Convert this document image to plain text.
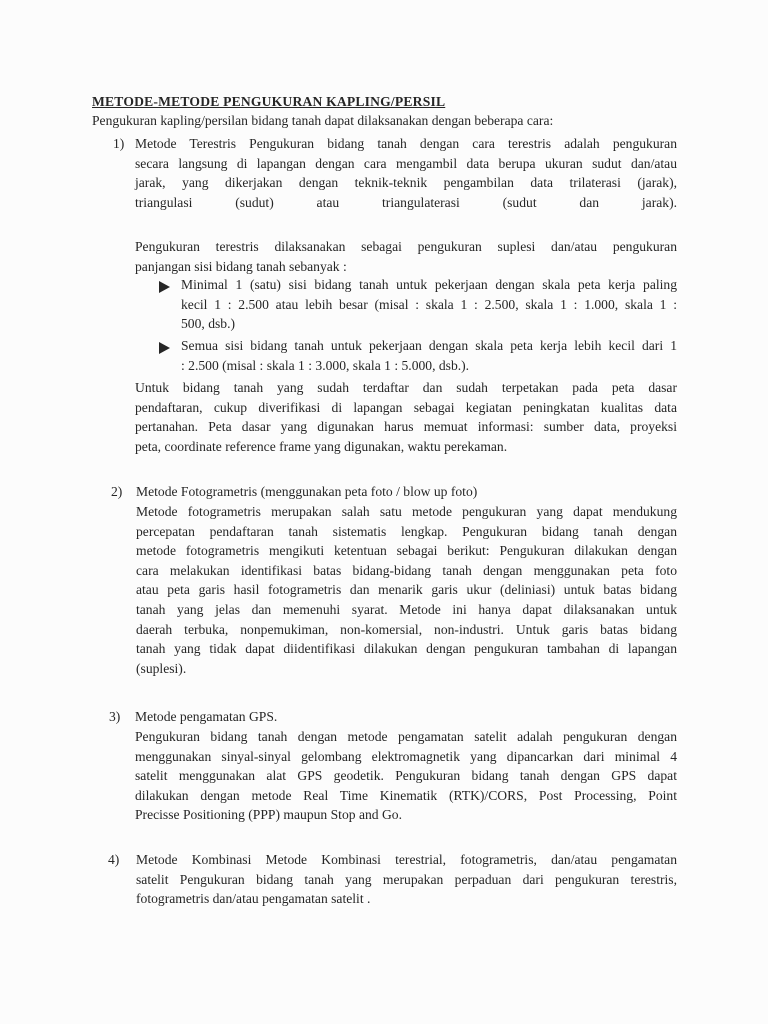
METODE-METODE PENGUKURAN KAPLING/PERSIL
Pengukuran kapling/persilan bidang tanah dapat dilaksanakan dengan beberapa cara:
1) Metode Terestris Pengukuran bidang tanah dengan cara terestris adalah pengukuran
secara langsung di lapangan dengan cara mengambil data berupa ukuran sudut dan/atau
jarak, yang dikerjakan dengan teknik-teknik pengambilan data trilaterasi (jarak),
triangulasi (sudut) atau triangulaterasi (sudut dan jarak).
Pengukuran terestris dilaksanakan sebagai pengukuran suplesi dan/atau pengukuran
panjangan sisi bidang tanah sebanyak :
Minimal 1 (satu) sisi bidang tanah untuk pekerjaan dengan skala peta kerja paling
kecil 1 : 2.500 atau lebih besar (misal : skala 1 : 2.500, skala 1 : 1.000, skala 1 :
500, dsb.)
Semua sisi bidang tanah untuk pekerjaan dengan skala peta kerja lebih kecil dari 1
: 2.500 (misal : skala 1 : 3.000, skala 1 : 5.000, dsb.).
Untuk bidang tanah yang sudah terdaftar dan sudah terpetakan pada peta dasar
pendaftaran, cukup diverifikasi di lapangan sebagai kegiatan peningkatan kualitas data
pertanahan. Peta dasar yang digunakan harus memuat informasi: sumber data, proyeksi
peta, coordinate reference frame yang digunakan, waktu perekaman.
2) Metode Fotogrametris (menggunakan peta foto / blow up foto)
Metode fotogrametris merupakan salah satu metode pengukuran yang dapat mendukung
percepatan pendaftaran tanah sistematis lengkap. Pengukuran bidang tanah dengan
metode fotogrametris mengikuti ketentuan sebagai berikut: Pengukuran dilakukan dengan
cara melakukan identifikasi batas bidang-bidang tanah dengan menggunakan peta foto
atau peta garis hasil fotogrametris dan menarik garis ukur (deliniasi) untuk batas bidang
tanah yang jelas dan memenuhi syarat. Metode ini hanya dapat dilaksanakan untuk
daerah terbuka, nonpemukiman, non-komersial, non-industri. Untuk garis batas bidang
tanah yang tidak dapat diidentifikasi dilakukan dengan pengukuran tambahan di lapangan
(suplesi).
3) Metode pengamatan GPS.
Pengukuran bidang tanah dengan metode pengamatan satelit adalah pengukuran dengan
menggunakan sinyal-sinyal gelombang elektromagnetik yang dipancarkan dari minimal 4
satelit menggunakan alat GPS geodetik. Pengukuran bidang tanah dengan GPS dapat
dilakukan dengan metode Real Time Kinematik (RTK)/CORS, Post Processing, Point
Precisse Positioning (PPP) maupun Stop and Go.
4) Metode Kombinasi Metode Kombinasi terestrial, fotogrametris, dan/atau pengamatan
satelit Pengukuran bidang tanah yang merupakan perpaduan dari pengukuran terestris,
fotogrametris dan/atau pengamatan satelit .
